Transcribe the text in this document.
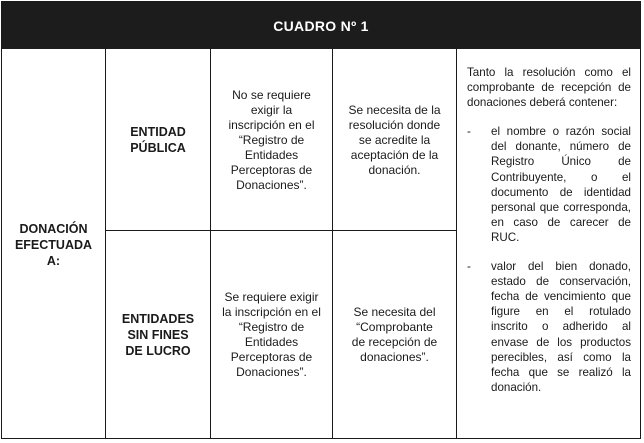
CUADRO Nº 1
DONACIÓN EFECTUADA A:
ENTIDAD PÚBLICA
No se requiere exigir la inscripción en el “Registro de Entidades Perceptoras de Donaciones”.
Se necesita de la resolución donde se acredite la aceptación de la donación.
ENTIDADES SIN FINES DE LUCRO
Se requiere exigir la inscripción en el “Registro de Entidades Perceptoras de Donaciones”.
Se necesita del “Comprobante de recepción de donaciones”.

Tanto la resolución como el comprobante de recepción de donaciones deberá contener:

- el nombre o razón social del donante, número de Registro Único de Contribuyente, o el documento de identidad personal que corresponda, en caso de carecer de RUC.
- valor del bien donado, estado de conservación, fecha de vencimiento que figure en el rotulado inscrito o adherido al envase de los productos perecibles, así como la fecha que se realizó la donación.
